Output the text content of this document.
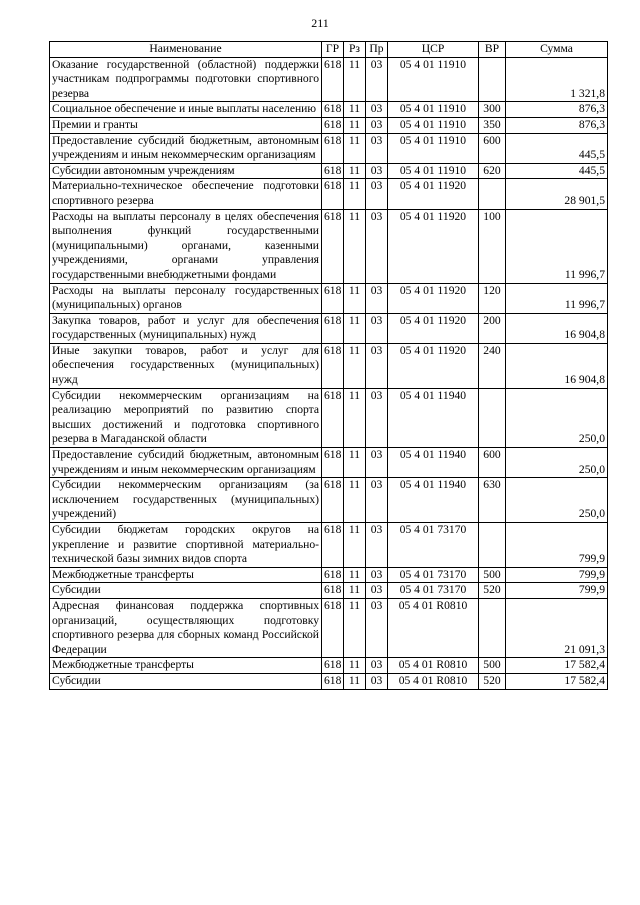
211
Наименование	ГР	Рз	Пр	ЦСР	ВР	Сумма
Оказание государственной (областной) поддержки участникам подпрограммы подготовки спортивного резерва	618	11	03	05 4 01 11910		1 321,8
Социальное обеспечение и иные выплаты населению	618	11	03	05 4 01 11910	300	876,3
Премии и гранты	618	11	03	05 4 01 11910	350	876,3
Предоставление субсидий бюджетным, автономным учреждениям и иным некоммерческим организациям	618	11	03	05 4 01 11910	600	445,5
Субсидии автономным учреждениям	618	11	03	05 4 01 11910	620	445,5
Материально-техническое обеспечение подготовки спортивного резерва	618	11	03	05 4 01 11920		28 901,5
Расходы на выплаты персоналу в целях обеспечения выполнения функций государственными (муниципальными) органами, казенными учреждениями, органами управления государственными внебюджетными фондами	618	11	03	05 4 01 11920	100	11 996,7
Расходы на выплаты персоналу государственных (муниципальных) органов	618	11	03	05 4 01 11920	120	11 996,7
Закупка товаров, работ и услуг для обеспечения государственных (муниципальных) нужд	618	11	03	05 4 01 11920	200	16 904,8
Иные закупки товаров, работ и услуг для обеспечения государственных (муниципальных) нужд	618	11	03	05 4 01 11920	240	16 904,8
Субсидии некоммерческим организациям на реализацию мероприятий по развитию спорта высших достижений и подготовка спортивного резерва в Магаданской области	618	11	03	05 4 01 11940		250,0
Предоставление субсидий бюджетным, автономным учреждениям и иным некоммерческим организациям	618	11	03	05 4 01 11940	600	250,0
Субсидии некоммерческим организациям (за исключением государственных (муниципальных) учреждений)	618	11	03	05 4 01 11940	630	250,0
Субсидии бюджетам городских округов на укрепление и развитие спортивной материально-технической базы зимних видов спорта	618	11	03	05 4 01 73170		799,9
Межбюджетные трансферты	618	11	03	05 4 01 73170	500	799,9
Субсидии	618	11	03	05 4 01 73170	520	799,9
Адресная финансовая поддержка спортивных организаций, осуществляющих подготовку спортивного резерва для сборных команд Российской Федерации	618	11	03	05 4 01 R0810		21 091,3
Межбюджетные трансферты	618	11	03	05 4 01 R0810	500	17 582,4
Субсидии	618	11	03	05 4 01 R0810	520	17 582,4
